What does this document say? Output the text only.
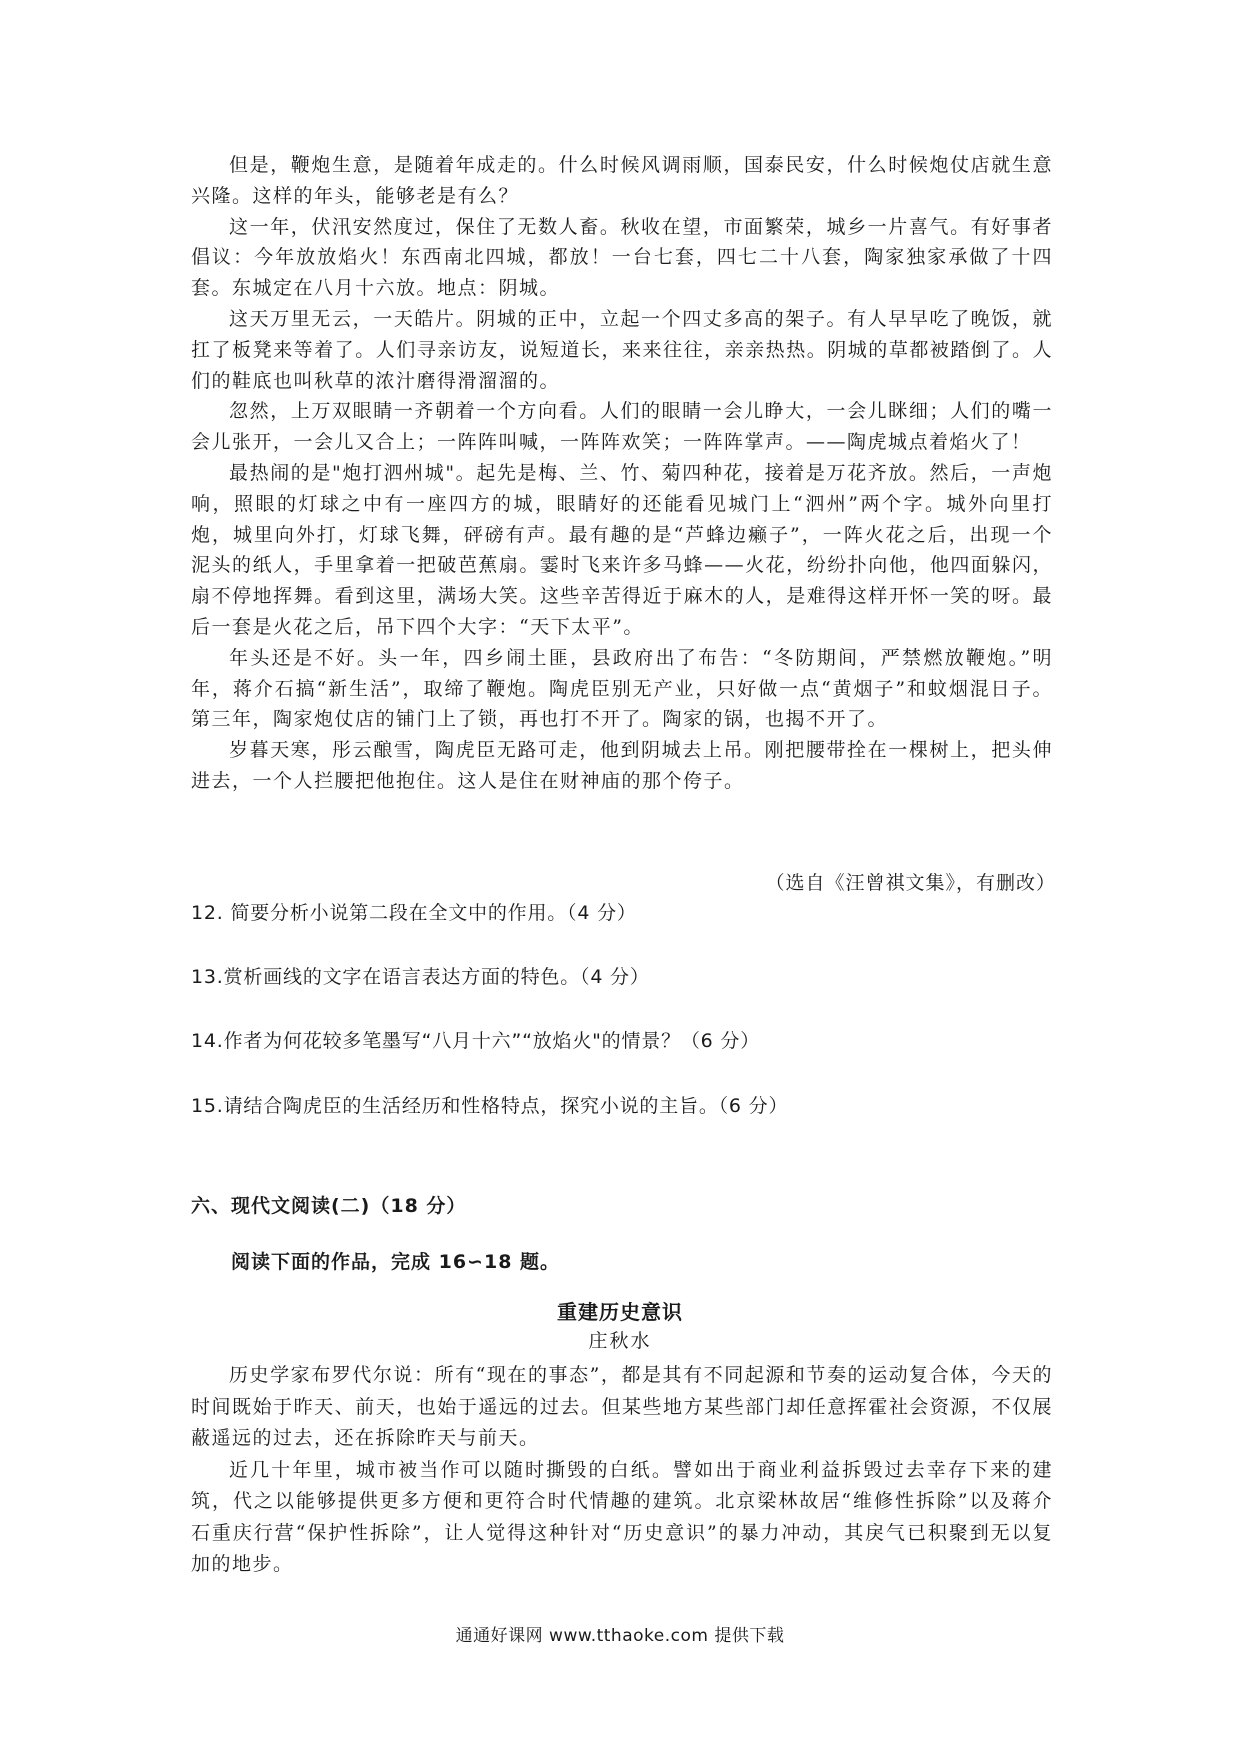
但是，鞭炮生意，是随着年成走的。什么时候风调雨顺，国泰民安，什么时候炮仗店就生意兴隆。这样的年头，能够老是有么？

这一年，伏汛安然度过，保住了无数人畜。秋收在望，市面繁荣，城乡一片喜气。有好事者倡议：今年放放焰火！东西南北四城，都放！一台七套，四七二十八套，陶家独家承做了十四套。东城定在八月十六放。地点：阴城。

这天万里无云，一天皓片。阴城的正中，立起一个四丈多高的架子。有人早早吃了晚饭，就扛了板凳来等着了。人们寻亲访友，说短道长，来来往往，亲亲热热。阴城的草都被踏倒了。人们的鞋底也叫秋草的浓汁磨得滑溜溜的。

忽然，上万双眼睛一齐朝着一个方向看。人们的眼睛一会儿睁大，一会儿眯细；人们的嘴一会儿张开，一会儿又合上；一阵阵叫喊，一阵阵欢笑；一阵阵掌声。——陶虎城点着焰火了！

最热闹的是"炮打泗州城"。起先是梅、兰、竹、菊四种花，接着是万花齐放。然后，一声炮响，照眼的灯球之中有一座四方的城，眼睛好的还能看见城门上“泗州”两个字。城外向里打炮，城里向外打，灯球飞舞，砰磅有声。最有趣的是“芦蜂边癞子”，一阵火花之后，出现一个泥头的纸人，手里拿着一把破芭蕉扇。霎时飞来许多马蜂——火花，纷纷扑向他，他四面躲闪，扇不停地挥舞。看到这里，满场大笑。这些辛苦得近于麻木的人，是难得这样开怀一笑的呀。最后一套是火花之后，吊下四个大字：“天下太平”。

年头还是不好。头一年，四乡闹土匪，县政府出了布告：“冬防期间，严禁燃放鞭炮。”明年，蒋介石搞“新生活”，取缔了鞭炮。陶虎臣别无产业，只好做一点“黄烟子”和蚊烟混日子。第三年，陶家炮仗店的铺门上了锁，再也打不开了。陶家的锅，也揭不开了。

岁暮天寒，彤云酿雪，陶虎臣无路可走，他到阴城去上吊。刚把腰带拴在一棵树上，把头伸进去，一个人拦腰把他抱住。这人是住在财神庙的那个侉子。

（选自《汪曾祺文集》，有删改）

12. 简要分析小说第二段在全文中的作用。（4 分）

13.赏析画线的文字在语言表达方面的特色。（4 分）

14.作者为何花较多笔墨写“八月十六”“放焰火"的情景？（6 分）

15.请结合陶虎臣的生活经历和性格特点，探究小说的主旨。（6 分）

六、现代文阅读(二)（18 分）

阅读下面的作品，完成 16∽18 题。

重建历史意识

庄秋水

历史学家布罗代尔说：所有“现在的事态”，都是其有不同起源和节奏的运动复合体，今天的时间既始于昨天、前天，也始于遥远的过去。但某些地方某些部门却任意挥霍社会资源，不仅展蔽遥远的过去，还在拆除昨天与前天。

近几十年里，城市被当作可以随时撕毁的白纸。譬如出于商业利益拆毁过去幸存下来的建筑，代之以能够提供更多方便和更符合时代情趣的建筑。北京梁林故居“维修性拆除”以及蒋介石重庆行营“保护性拆除”，让人觉得这种针对“历史意识”的暴力冲动，其戾气已积聚到无以复加的地步。

通通好课网 www.tthaoke.com 提供下载
